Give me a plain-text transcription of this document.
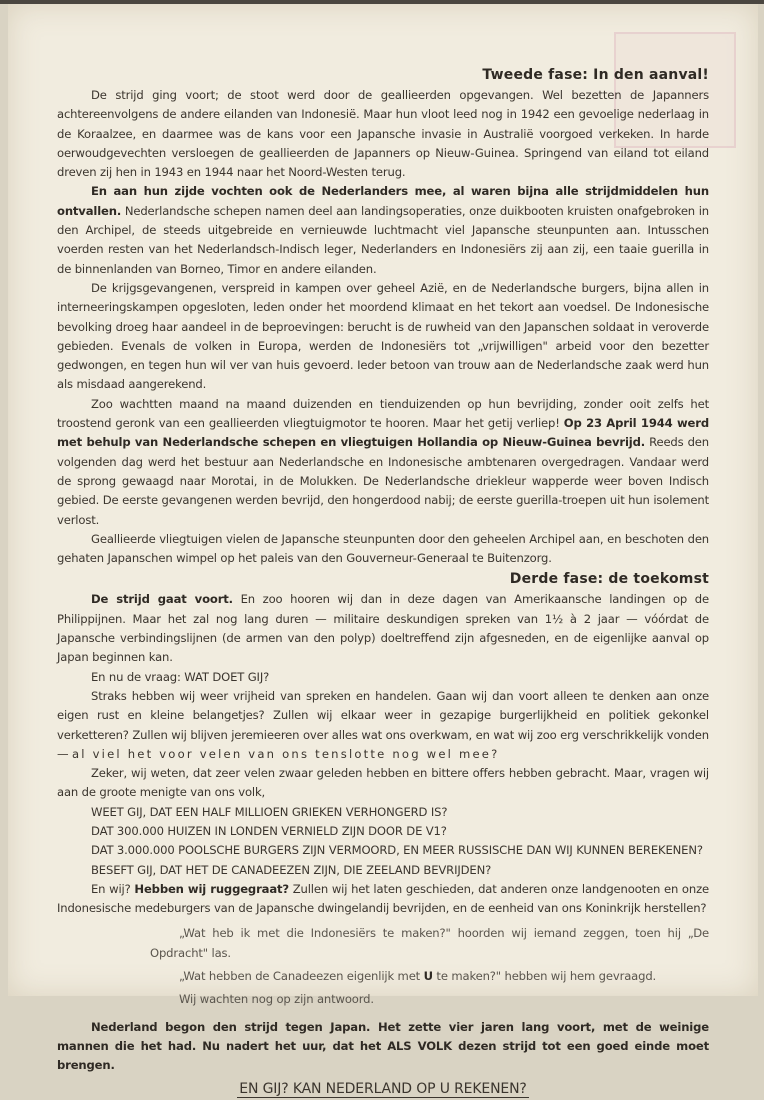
Tweede fase: In den aanval!

De strijd ging voort; de stoot werd door de geallieerden opgevangen. Wel bezetten de Japanners achtereenvolgens de andere eilanden van Indonesië. Maar hun vloot leed nog in 1942 een gevoelige nederlaag in de Koraalzee, en daarmee was de kans voor een Japansche invasie in Australië voorgoed verkeken. In harde oerwoudgevechten versloegen de geallieerden de Japanners op Nieuw-Guinea. Springend van eiland tot eiland dreven zij hen in 1943 en 1944 naar het Noord-Westen terug.

En aan hun zijde vochten ook de Nederlanders mee, al waren bijna alle strijdmiddelen hun ontvallen. Nederlandsche schepen namen deel aan landingsoperaties, onze duikbooten kruisten onafgebroken in den Archipel, de steeds uitgebreide en vernieuwde luchtmacht viel Japansche steunpunten aan. Intusschen voerden resten van het Nederlandsch-Indisch leger, Nederlanders en Indonesiërs zij aan zij, een taaie guerilla in de binnenlanden van Borneo, Timor en andere eilanden.

De krijgsgevangenen, verspreid in kampen over geheel Azië, en de Nederlandsche burgers, bijna allen in interneeringskampen opgesloten, leden onder het moordend klimaat en het tekort aan voedsel. De Indonesische bevolking droeg haar aandeel in de beproevingen: berucht is de ruwheid van den Japanschen soldaat in veroverde gebieden. Evenals de volken in Europa, werden de Indonesiërs tot „vrijwilligen" arbeid voor den bezetter gedwongen, en tegen hun wil ver van huis gevoerd. Ieder betoon van trouw aan de Nederlandsche zaak werd hun als misdaad aangerekend.

Zoo wachtten maand na maand duizenden en tienduizenden op hun bevrijding, zonder ooit zelfs het troostend geronk van een geallieerden vliegtuigmotor te hooren. Maar het getij verliep! Op 23 April 1944 werd met behulp van Nederlandsche schepen en vliegtuigen Hollandia op Nieuw-Guinea bevrijd. Reeds den volgenden dag werd het bestuur aan Nederlandsche en Indonesische ambtenaren overgedragen. Vandaar werd de sprong gewaagd naar Morotai, in de Molukken. De Nederlandsche driekleur wapperde weer boven Indisch gebied. De eerste gevangenen werden bevrijd, den hongerdood nabij; de eerste guerilla-troepen uit hun isolement verlost.

Geallieerde vliegtuigen vielen de Japansche steunpunten door den geheelen Archipel aan, en beschoten den gehaten Japanschen wimpel op het paleis van den Gouverneur-Generaal te Buitenzorg.

Derde fase: de toekomst

De strijd gaat voort. En zoo hooren wij dan in deze dagen van Amerikaansche landingen op de Philippijnen. Maar het zal nog lang duren — militaire deskundigen spreken van 1½ à 2 jaar — vóórdat de Japansche verbindingslijnen (de armen van den polyp) doeltreffend zijn afgesneden, en de eigenlijke aanval op Japan beginnen kan.

En nu de vraag: WAT DOET GIJ?

Straks hebben wij weer vrijheid van spreken en handelen. Gaan wij dan voort alleen te denken aan onze eigen rust en kleine belangetjes? Zullen wij elkaar weer in gezapige burgerlijkheid en politiek gekonkel verketteren? Zullen wij blijven jeremieeren over alles wat ons overkwam, en wat wij zoo erg verschrikkelijk vonden — al viel het voor velen van ons tenslotte nog wel mee?

Zeker, wij weten, dat zeer velen zwaar geleden hebben en bittere offers hebben gebracht. Maar, vragen wij aan de groote menigte van ons volk,

WEET GIJ, DAT EEN HALF MILLIOEN GRIEKEN VERHONGERD IS?

DAT 300.000 HUIZEN IN LONDEN VERNIELD ZIJN DOOR DE V1?

DAT 3.000.000 POOLSCHE BURGERS ZIJN VERMOORD, EN MEER RUSSISCHE DAN WIJ KUNNEN BEREKENEN?

BESEFT GIJ, DAT HET DE CANADEEZEN ZIJN, DIE ZEELAND BEVRIJDEN?

En wij? Hebben wij ruggegraat? Zullen wij het laten geschieden, dat anderen onze landgenooten en onze Indonesische medeburgers van de Japansche dwingelandij bevrijden, en de eenheid van ons Koninkrijk herstellen?

„Wat heb ik met die Indonesiërs te maken?" hoorden wij iemand zeggen, toen hij „De Opdracht" las.

„Wat hebben de Canadeezen eigenlijk met U te maken?" hebben wij hem gevraagd.

Wij wachten nog op zijn antwoord.

Nederland begon den strijd tegen Japan. Het zette vier jaren lang voort, met de weinige mannen die het had. Nu nadert het uur, dat het ALS VOLK dezen strijd tot een goed einde moet brengen.

EN GIJ? KAN NEDERLAND OP U REKENEN?
